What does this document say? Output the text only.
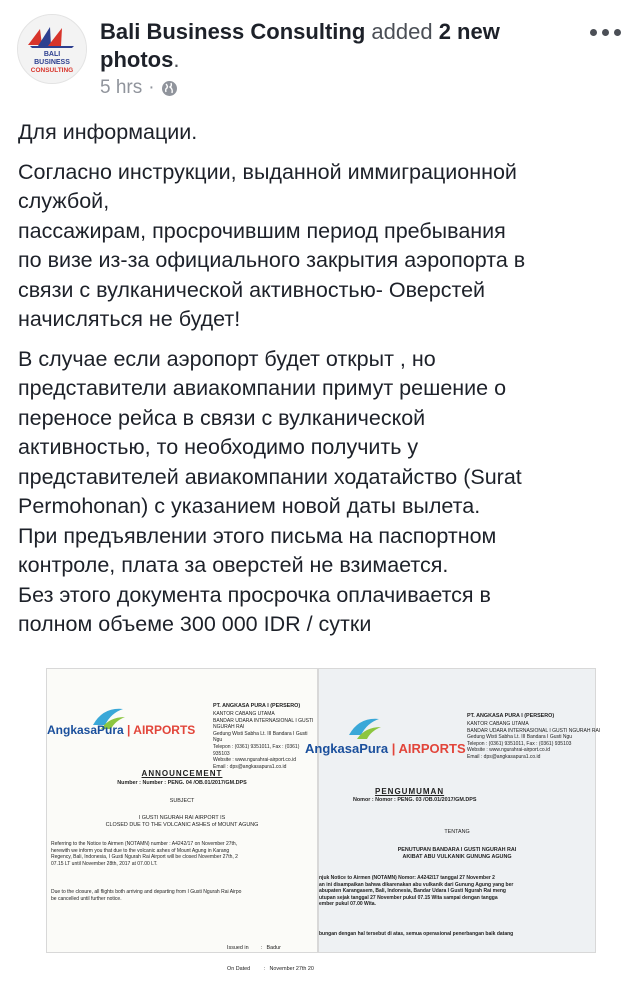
BALI
BUSINESS
CONSULTING
Bali Business Consulting added 2 new photos.
5 hrs ·

Для информации.

Согласно инструкции, выданной иммиграционной
службой,
пассажирам, просрочившим период пребывания
по визе из-за официального закрытия аэропорта в
связи с вулканической активностью- Оверстей
начисляться не будет!

В случае если аэропорт будет открыт , но
представители авиакомпании примут решение о
переносе рейса в связи с вулканической
активностью, то необходимо получить у
представителей авиакомпании ходатайство (Surat
Permohonan) с указанием новой даты вылета.
При предъявлении этого письма на паспортном
контроле, плата за оверстей не взимается.
Без этого документа просрочка оплачивается в
полном объеме 300 000 IDR / сутки

AngkasaPura | AIRPORTS
PT. ANGKASA PURA I (PERSERO)
KANTOR CABANG UTAMA
BANDAR UDARA INTERNASIONAL I GUSTI NGURAH RAI
Gedung Wisti Sabha Lt. III Bandara I Gusti Ngu
Telepon : (0361) 9351011, Fax : (0361) 935103
Website : www.ngurahrai-airport.co.id
Email : dps@angkasapura1.co.id
ANNOUNCEMENT
Number : Number : PENG. 04 /OB.01/2017/GM.DPS
SUBJECT
I GUSTI NGURAH RAI AIRPORT IS
CLOSED DUE TO THE VOLCANIC ASHES of MOUNT AGUNG
Referring to the Notice to Airmen (NOTAMN) number : A4242/17 on November 27th,
herewith we inform you that due to the volcanic ashes of Mount Agung in Karang
Regency, Bali, Indonesia, I Gusti Ngurah Rai Airport will be closed November 27th, 2
07.15 LT until November 28th, 2017 at 07.00 LT.
Due to the closure, all flights both arriving and departing from I Gusti Ngurah Rai Airpo
be cancelled until further notice.

Issued in        :   Badur

On Dated         :   November 27th 20

AngkasaPura | AIRPORTS
PT. ANGKASA PURA I (PERSERO)
KANTOR CABANG UTAMA
BANDAR UDARA INTERNASIONAL I GUSTI NGURAH RAI
Gedung Wisti Sabha Lt. III Bandara I Gusti Ngu
Telepon : (0361) 9351011, Fax : (0361) 935103
Website : www.ngurahrai-airport.co.id
Email : dps@angkasapura1.co.id
PENGUMUMAN
Nomor : Nomor : PENG. 03 /OB.01/2017/GM.DPS
TENTANG
PENUTUPAN BANDARA I GUSTI NGURAH RAI
AKIBAT ABU VULKANIK GUNUNG AGUNG
njuk Notice to Airmen (NOTAMN) Nomor: A4242/17 tanggal 27 November 2
an ini disampaikan bahwa dikarenakan abu vulkanik dari Gunung Agung yang ber
abupaten Karangasem, Bali, Indonesia, Bandar Udara I Gusti Ngurah Rai meng
utupan sejak tanggal 27 November pukul 07.15 Wita sampai dengan tangga
ember pukul 07.00 Wita.
bungan dengan hal tersebut di atas, semua operasional penerbangan baik datang
